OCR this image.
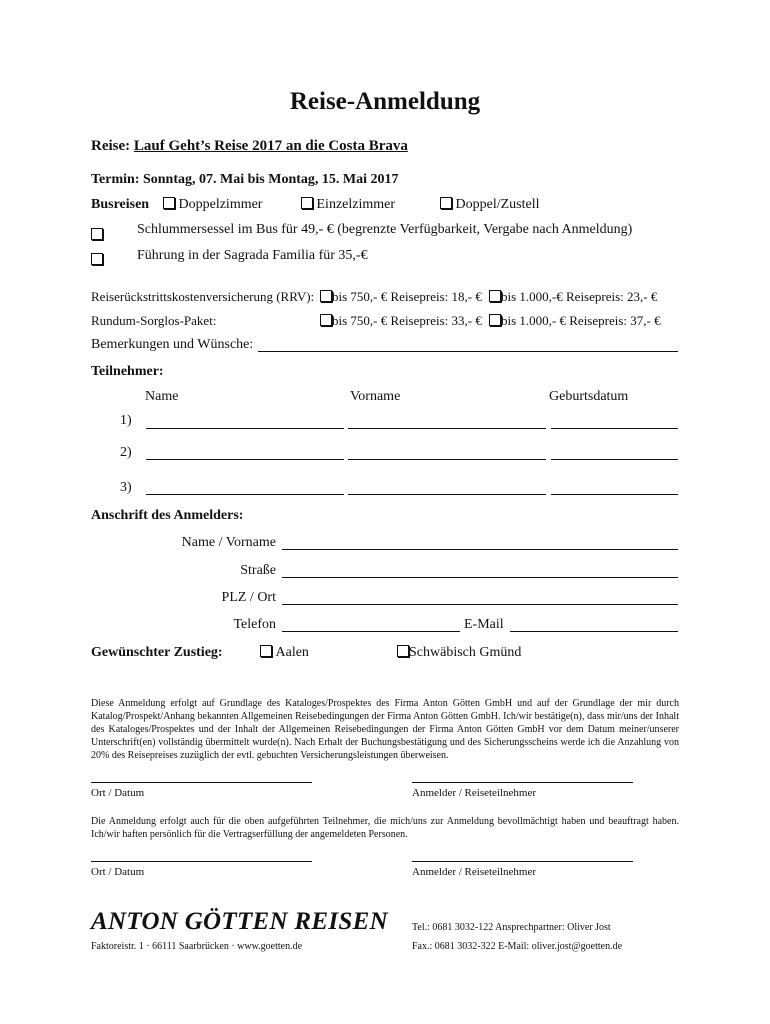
Reise-Anmeldung
Reise: Lauf Geht’s Reise 2017 an die Costa Brava
Termin: Sonntag, 07. Mai bis Montag, 15. Mai 2017
Busreisen	Doppelzimmer	Einzelzimmer	Doppel/Zustell
Schlummersessel im Bus für 49,- € (begrenzte Verfügbarkeit, Vergabe nach Anmeldung)
Führung in der Sagrada Familia für 35,-€
Reiserückstrittskostenversicherung (RRV):	bis 750,- € Reisepreis: 18,- €	bis 1.000,-€ Reisepreis: 23,- €
Rundum-Sorglos-Paket:	bis 750,- € Reisepreis: 33,- €	bis 1.000,- € Reisepreis: 37,- €
Bemerkungen und Wünsche:
Teilnehmer:
Name	Vorname	Geburtsdatum
1)
2)
3)
Anschrift des Anmelders:
Name / Vorname
Straße
PLZ / Ort
Telefon	E-Mail
Gewünschter Zustieg:	Aalen	Schwäbisch Gmünd
Diese Anmeldung erfolgt auf Grundlage des Kataloges/Prospektes des Firma Anton Götten GmbH und auf der Grundlage der mir durch Katalog/Prospekt/Anhang bekannten Allgemeinen Reisebedingungen der Firma Anton Götten GmbH. Ich/wir bestätige(n), dass mir/uns der Inhalt des Kataloges/Prospektes und der Inhalt der Allgemeinen Reisebedingungen der Firma Anton Götten GmbH vor dem Datum meiner/unserer Unterschrift(en) vollständig übermittelt wurde(n). Nach Erhalt der Buchungsbestätigung und des Sicherungsscheins werde ich die Anzahlung von 20% des Reisepreises zuzüglich der evtl. gebuchten Versicherungsleistungen überweisen.
Ort / Datum	Anmelder / Reiseteilnehmer
Die Anmeldung erfolgt auch für die oben aufgeführten Teilnehmer, die mich/uns zur Anmeldung bevollmächtigt haben und beauftragt haben. Ich/wir haften persönlich für die Vertragserfüllung der angemeldeten Personen.
Ort / Datum	Anmelder / Reiseteilnehmer
ANTON GÖTTEN REISEN
Faktoreistr. 1 · 66111 Saarbrücken · www.goetten.de
Tel.: 0681 3032-122 Ansprechpartner: Oliver Jost
Fax.: 0681 3032-322 E-Mail: oliver.jost@goetten.de
